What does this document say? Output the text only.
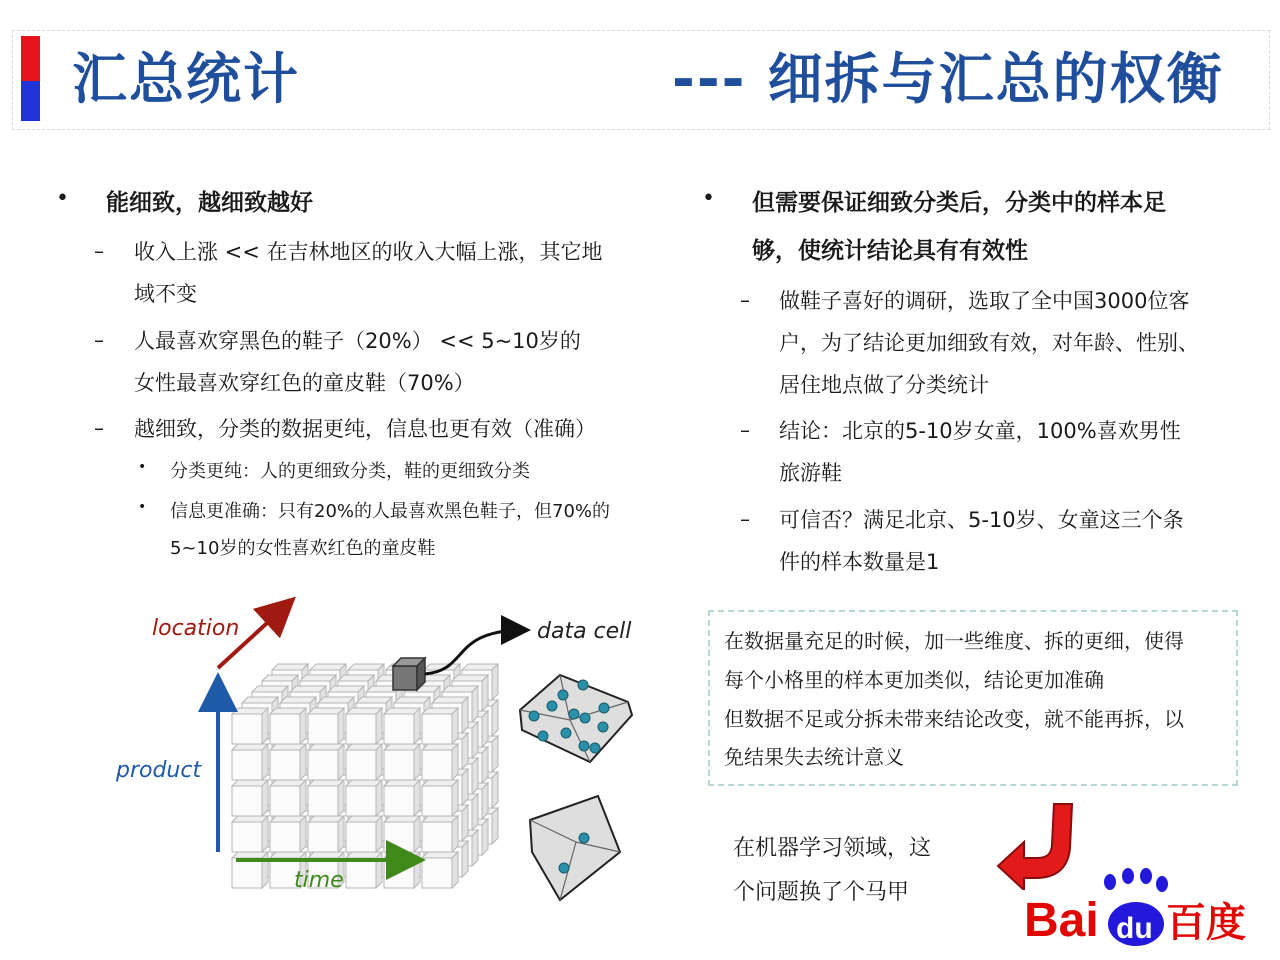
汇总统计	--- 细拆与汇总的权衡
• 能细致，越细致越好
– 收入上涨 << 在吉林地区的收入大幅上涨，其它地
域不变
– 人最喜欢穿黑色的鞋子（20%） << 5~10岁的
女性最喜欢穿红色的童皮鞋（70%）
– 越细致，分类的数据更纯，信息也更有效（准确）
• 分类更纯：人的更细致分类，鞋的更细致分类
• 信息更准确：只有20%的人最喜欢黑色鞋子，但70%的
5~10岁的女性喜欢红色的童皮鞋
• 但需要保证细致分类后，分类中的样本足
够，使统计结论具有有效性
– 做鞋子喜好的调研，选取了全中国3000位客
户，为了结论更加细致有效，对年龄、性别、
居住地点做了分类统计
– 结论：北京的5-10岁女童，100%喜欢男性
旅游鞋
– 可信否？满足北京、5-10岁、女童这三个条
件的样本数量是1
在数据量充足的时候，加一些维度、拆的更细，使得
每个小格里的样本更加类似，结论更加准确
但数据不足或分拆未带来结论改变，就不能再拆，以
免结果失去统计意义
在机器学习领域，这
个问题换了个马甲
location
product
time
data cell
Bai du 百度
